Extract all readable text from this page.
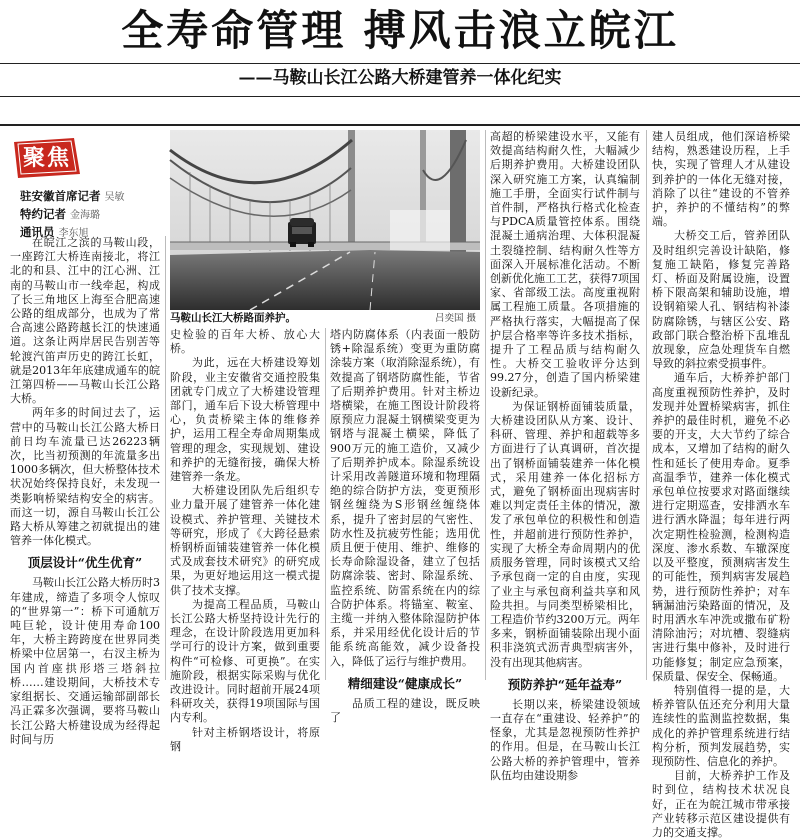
全寿命管理 搏风击浪立皖江
——马鞍山长江公路大桥建管养一体化纪实
聚焦
驻安徽首席记者 吴敏
特约记者 金海璐
通讯员 李东旭
马鞍山长江大桥路面养护。	吕奕国 摄

在皖江之滨的马鞍山段，一座跨江大桥连南接北，将江北的和县、江中的江心洲、江南的马鞍山市一线牵起，构成了长三角地区上海至合肥高速公路的组成部分，也成为了常合高速公路跨越长江的快速通道。这条让两岸居民告别苦等轮渡汽笛声历史的跨江长虹，就是2013年年底建成通车的皖江第四桥——马鞍山长江公路大桥。

两年多的时间过去了，运营中的马鞍山长江公路大桥日前日均车流量已达26223辆次，比当初预测的年流量多出1000多辆次，但大桥整体技术状况始终保持良好，未发现一类影响桥梁结构安全的病害。而这一切，源自马鞍山长江公路大桥从筹建之初就提出的建管养一体化模式。

顶层设计“优生优育”

马鞍山长江公路大桥历时3年建成，缔造了多项令人惊叹的“世界第一”：桥下可通航万吨巨轮，设计使用寿命100年，大桥主跨跨度在世界同类桥梁中位居第一，右汊主桥为国内首座拱形塔三塔斜拉桥……建设期间，大桥技术专家组据长、交通运输部副部长冯正霖多次强调，要将马鞍山长江公路大桥建设成为经得起时间与历

史检验的百年大桥、放心大桥。

为此，远在大桥建设筹划阶段，业主安徽省交通控股集团就专门成立了大桥建设管理部门，通车后下设大桥管理中心，负责桥梁主体的维修养护，运用工程全寿命周期集成管理的理念，实现规划、建设和养护的无缝衔接，确保大桥建管养一条龙。

大桥建设团队先后组织专业力量开展了建管养一体化建设模式、养护管理、关键技术等研究，形成了《大跨径悬索桥钢桥面铺装建管养一体化模式及成套技术研究》的研究成果，为更好地运用这一模式提供了技术支撑。

为提高工程品质，马鞍山长江公路大桥坚持设计先行的理念，在设计阶段选用更加科学可行的设计方案，做到重要构件“可检修、可更换”。在实施阶段，根据实际采购与优化改进设计。同时超前开展24项科研攻关，获得19项国际与国内专利。

针对主桥钢塔设计，将原钢

塔内防腐体系（内表面一般防锈+除湿系统）变更为重防腐涂装方案（取消除湿系统），有效提高了钢塔防腐性能，节省了后期养护费用。针对主桥边塔横梁，在施工图设计阶段将原预应力混凝土钢横梁变更为钢塔与混凝土横梁，降低了900万元的施工造价，又减少了后期养护成本。除湿系统设计采用改善隧道环境和物理隔绝的综合防护方法，变更预形钢丝缠绕为S形钢丝缠绕体系，提升了密封层的气密性、防水性及抗疲劳性能；选用优质且便于使用、维护、维修的长寿命除湿设备，建立了包括防腐涂装、密封、除湿系统、监控系统、防雷系统在内的综合防护体系。将锚室、鞍室、主缆一并纳入整体除湿防护体系，并采用经优化设计后的节能系统高能效，减少设备投入，降低了运行与维护费用。

精细建设“健康成长”

品质工程的建设，既反映了

高超的桥梁建设水平，又能有效提高结构耐久性，大幅减少后期养护费用。大桥建设团队深入研究施工方案，认真编制施工手册，全面实行试件制与首件制，严格执行格式化检查与PDCA质量管控体系。围绕混凝土通病治理、大体积混凝土裂缝控制、结构耐久性等方面深入开展标准化活动。不断创新优化施工工艺，获得7项国家、省部级工法。高度重视附属工程施工质量。各项措施的严格执行落实，大幅提高了保护层合格率等许多技术指标，提升了工程品质与结构耐久性。大桥交工验收评分达到99.27分，创造了国内桥梁建设新纪录。

为保证钢桥面铺装质量，大桥建设团队从方案、设计、科研、管理、养护和超载等多方面进行了认真调研，首次提出了钢桥面铺装建养一体化模式，采用建养一体化招标方式，避免了钢桥面出现病害时难以判定责任主体的情况，激发了承包单位的积极性和创造性，并超前进行预防性养护，实现了大桥全寿命周期内的优质服务管理，同时该模式又给予承包商一定的自由度，实现了业主与承包商利益共享和风险共担。与同类型桥梁相比，工程造价节约3200万元。两年多来，钢桥面铺装除出现小面积非浇筑式沥青典型病害外，没有出现其他病害。

预防养护“延年益寿”

长期以来，桥梁建设领域一直存在“重建设、轻养护”的怪象，尤其是忽视预防性养护的作用。但是，在马鞍山长江公路大桥的养护管理中，管养队伍均由建设期参

建人员组成，他们深谙桥梁结构，熟悉建设历程，上手快，实现了管理人才从建设到养护的一体化无缝对接，消除了以往“建设的不管养护，养护的不懂结构”的弊端。

大桥交工后，管养团队及时组织完善设计缺陷，修复施工缺陷，修复完善路灯、桥面及附属设施，设置桥下限高架和辅助设施，增设钢箱梁人孔、钢结构补漆防腐除锈，与辖区公安、路政部门联合整治桥下乱堆乱放现象，应急处理货车自燃导致的斜拉索受损事件。

通车后，大桥养护部门高度重视预防性养护，及时发现并处置桥梁病害，抓住养护的最佳时机，避免不必要的开支，大大节约了综合成本，又增加了结构的耐久性和延长了使用寿命。夏季高温季节，建养一体化模式承包单位按要求对路面继续进行定期巡查，安排洒水车进行洒水降温；每年进行两次定期性检验测，检测构造深度、渗水系数、车辙深度以及平整度，预测病害发生的可能性，预判病害发展趋势，进行预防性养护；对车辆漏油污染路面的情况，及时用洒水车冲洗或撒布矿粉清除油污；对坑槽、裂缝病害进行集中修补，及时进行功能修复；制定应急预案，保质量、保安全、保畅通。

特别值得一提的是，大桥养管队伍还充分利用大量连续性的监测监控数据，集成化的养护管理系统进行结构分析，预判发展趋势，实现预防性、信息化的养护。

目前，大桥养护工作及时到位，结构技术状况良好，正在为皖江城市带承接产业转移示范区建设提供有力的交通支撑。
